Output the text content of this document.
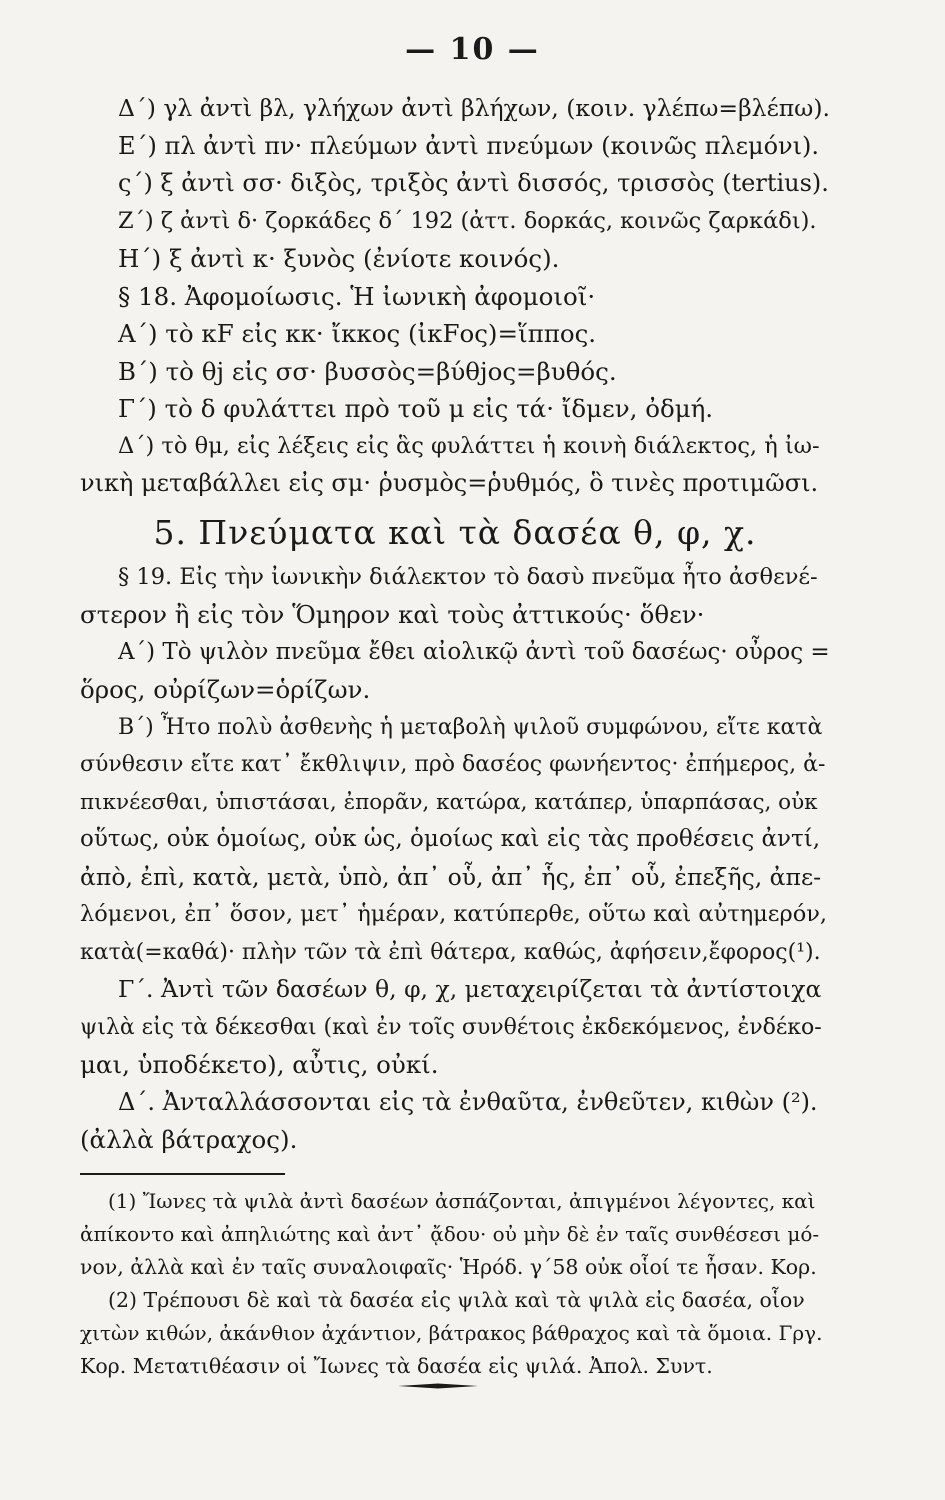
— 10 —
Δ΄) γλ ἀντὶ βλ, γλήχων ἀντὶ βλήχων, (κοιν. γλέπω=βλέπω).
Ε΄) πλ ἀντὶ πν· πλεύμων ἀντὶ πνεύμων (κοινῶς πλεμόνι).
ς΄) ξ ἀντὶ σσ· διξὸς, τριξὸς ἀντὶ δισσός, τρισσὸς (tertius).
Ζ΄) ζ ἀντὶ δ· ζορκάδες δ΄ 192 (ἀττ. δορκάς, κοινῶς ζαρκάδι).
Η΄) ξ ἀντὶ κ· ξυνὸς (ἐνίοτε κοινός).
§ 18. Ἀφομοίωσις. Ἡ ἰωνικὴ ἀφομοιοῖ·
Α΄) τὸ κF εἰς κκ· ἴκκος (ἰκFος)=ἵππος.
Β΄) τὸ θj εἰς σσ· βυσσὸς=βύθjος=βυθός.
Γ΄) τὸ δ φυλάττει πρὸ τοῦ μ εἰς τά· ἴδμεν, ὀδμή.
Δ΄) τὸ θμ, εἰς λέξεις εἰς ἃς φυλάττει ἡ κοινὴ διάλεκτος, ἡ ἰω-
νικὴ μεταβάλλει εἰς σμ· ῥυσμὸς=ῥυθμός, ὃ τινὲς προτιμῶσι.
5. Πνεύματα καὶ τὰ δασέα θ, φ, χ.
§ 19. Εἰς τὴν ἰωνικὴν διάλεκτον τὸ δασὺ πνεῦμα ἦτο ἀσθενέ-
στερον ἢ εἰς τὸν Ὅμηρον καὶ τοὺς ἀττικούς· ὅθεν·
Α΄) Τὸ ψιλὸν πνεῦμα ἔθει αἰολικῷ ἀντὶ τοῦ δασέως· οὖρος =
ὅρος, οὐρίζων=ὁρίζων.
Β΄) Ἦτο πολὺ ἀσθενὴς ἡ μεταβολὴ ψιλοῦ συμφώνου, εἴτε κατὰ
σύνθεσιν εἴτε κατ᾽ ἔκθλιψιν, πρὸ δασέος φωνήεντος· ἐπήμερος, ἀ-
πικνέεσθαι, ὑπιστάσαι, ἐπορᾶν, κατώρα, κατάπερ, ὑπαρπάσας, οὐκ
οὕτως, οὐκ ὁμοίως, οὐκ ὡς, ὁμοίως καὶ εἰς τὰς προθέσεις ἀντί,
ἀπὸ, ἐπὶ, κατὰ, μετὰ, ὑπὸ, ἀπ᾽ οὗ, ἀπ᾽ ἧς, ἐπ᾽ οὗ, ἐπεξῆς, ἀπε-
λόμενοι, ἐπ᾽ ὅσον, μετ᾽ ἡμέραν, κατύπερθε, οὕτω καὶ αὐτημερόν,
κατὰ(=καθά)· πλὴν τῶν τὰ ἐπὶ θάτερα, καθώς, ἀφήσειν,ἔφορος(¹).
Γ΄. Ἀντὶ τῶν δασέων θ, φ, χ, μεταχειρίζεται τὰ ἀντίστοιχα
ψιλὰ εἰς τὰ δέκεσθαι (καὶ ἐν τοῖς συνθέτοις ἐκδεκόμενος, ἐνδέκο-
μαι, ὑποδέκετο), αὖτις, οὐκί.
Δ΄. Ἀνταλλάσσονται εἰς τὰ ἐνθαῦτα, ἐνθεῦτεν, κιθὼν (²).
(ἀλλὰ βάτραχος).
(1) Ἴωνες τὰ ψιλὰ ἀντὶ δασέων ἀσπάζονται, ἀπιγμένοι λέγοντες, καὶ
ἀπίκοντο καὶ ἀπηλιώτης καὶ ἀντ᾽ ᾄδου· οὐ μὴν δὲ ἐν ταῖς συνθέσεσι μό-
νον, ἀλλὰ καὶ ἐν ταῖς συναλοιφαῖς· Ἡρόδ. γ΄58 οὐκ οἷοί τε ἦσαν. Κορ.
(2) Τρέπουσι δὲ καὶ τὰ δασέα εἰς ψιλὰ καὶ τὰ ψιλὰ εἰς δασέα, οἷον
χιτὼν κιθών, ἀκάνθιον ἀχάντιον, βάτρακος βάθραχος καὶ τὰ ὅμοια. Γργ.
Κορ. Μετατιθέασιν οἱ Ἴωνες τὰ δασέα εἰς ψιλά. Ἀπολ. Συντ.
